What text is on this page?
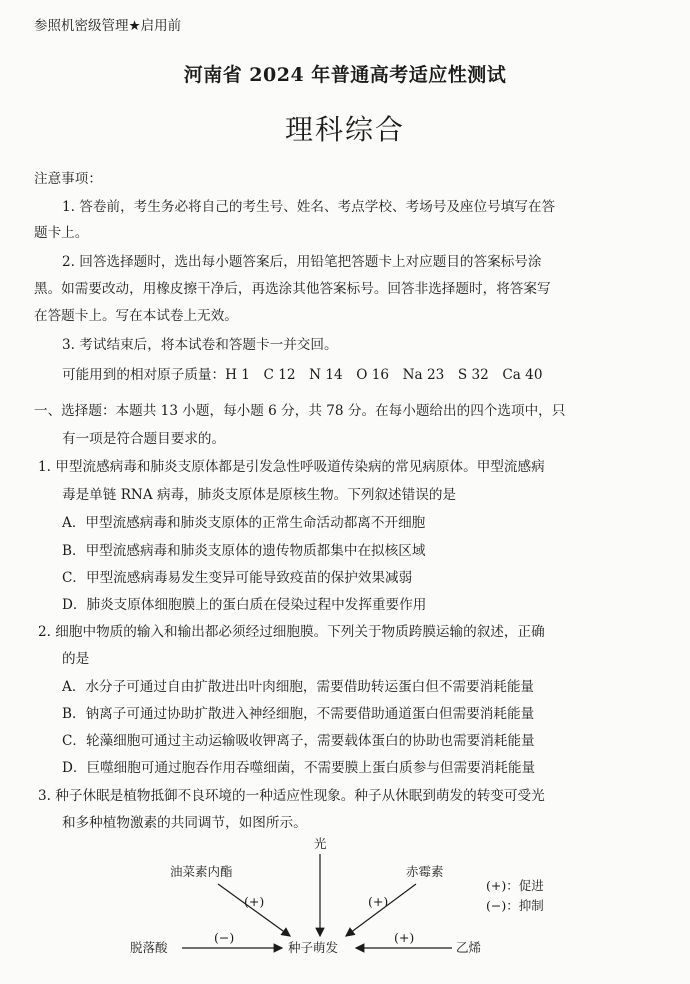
参照机密级管理★启用前
河南省 2024 年普通高考适应性测试
理科综合
注意事项：
1. 答卷前，考生务必将自己的考生号、姓名、考点学校、考场号及座位号填写在答
题卡上。
2. 回答选择题时，选出每小题答案后，用铅笔把答题卡上对应题目的答案标号涂
黑。如需要改动，用橡皮擦干净后，再选涂其他答案标号。回答非选择题时，将答案写
在答题卡上。写在本试卷上无效。
3. 考试结束后，将本试卷和答题卡一并交回。
可能用到的相对原子质量：H 1　C 12　N 14　O 16　Na 23　S 32　Ca 40
一、选择题：本题共 13 小题，每小题 6 分，共 78 分。在每小题给出的四个选项中，只
有一项是符合题目要求的。
1. 甲型流感病毒和肺炎支原体都是引发急性呼吸道传染病的常见病原体。甲型流感病
毒是单链 RNA 病毒，肺炎支原体是原核生物。下列叙述错误的是
A．甲型流感病毒和肺炎支原体的正常生命活动都离不开细胞
B．甲型流感病毒和肺炎支原体的遗传物质都集中在拟核区域
C．甲型流感病毒易发生变异可能导致疫苗的保护效果减弱
D．肺炎支原体细胞膜上的蛋白质在侵染过程中发挥重要作用
2. 细胞中物质的输入和输出都必须经过细胞膜。下列关于物质跨膜运输的叙述，正确
的是
A．水分子可通过自由扩散进出叶肉细胞，需要借助转运蛋白但不需要消耗能量
B．钠离子可通过协助扩散进入神经细胞，不需要借助通道蛋白但需要消耗能量
C．轮藻细胞可通过主动运输吸收钾离子，需要载体蛋白的协助也需要消耗能量
D．巨噬细胞可通过胞吞作用吞噬细菌，不需要膜上蛋白质参与但需要消耗能量
3. 种子休眠是植物抵御不良环境的一种适应性现象。种子从休眠到萌发的转变可受光
和多种植物激素的共同调节，如图所示。
光
油菜素内酯	赤霉素
(+)：促进
(−)：抑制
脱落酸	种子萌发	乙烯
(+)	(+)
(−)	(+)
